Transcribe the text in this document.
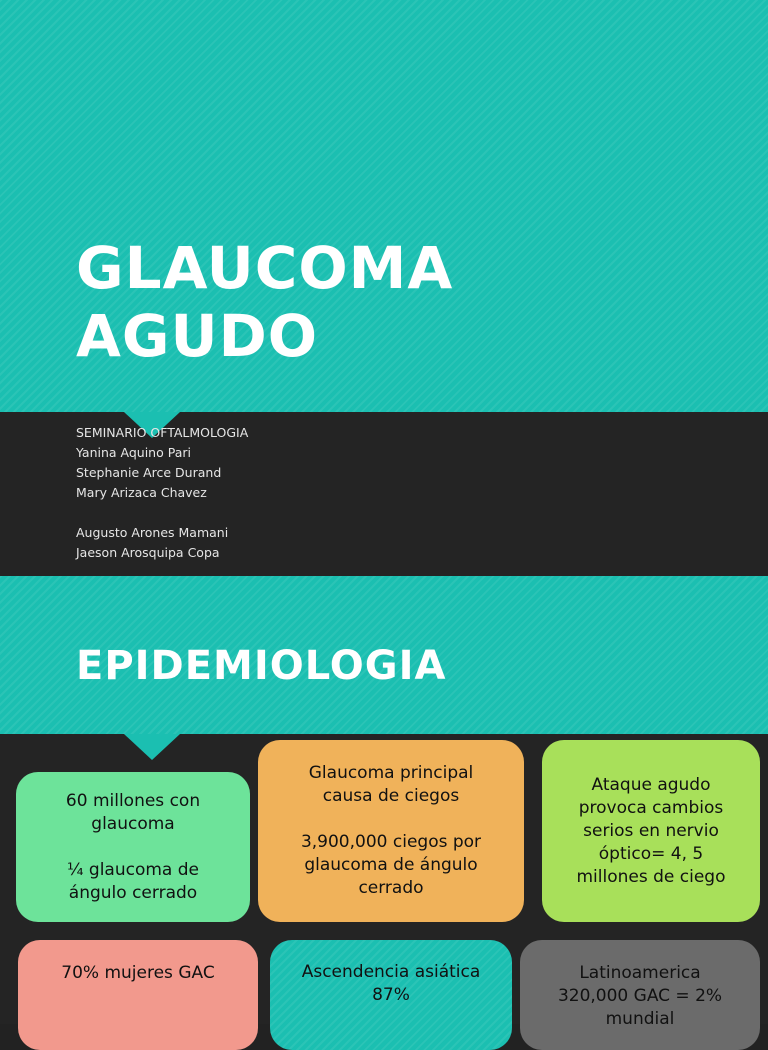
GLAUCOMA
AGUDO

SEMINARIO OFTALMOLOGIA

Yanina Aquino Pari

Stephanie Arce Durand

Mary Arizaca Chavez

Augusto Arones Mamani

Jaeson Arosquipa Copa

EPIDEMIOLOGIA
60 millones con
glaucoma
¼ glaucoma de
ángulo cerrado
Glaucoma principal
causa de ciegos
3,900,000 ciegos por
glaucoma de ángulo
cerrado
Ataque agudo
provoca cambios
serios en nervio
óptico= 4, 5
millones de ciego
70% mujeres GAC	Ascendencia asiática
87%
Latinoamerica
320,000 GAC = 2%
mundial
